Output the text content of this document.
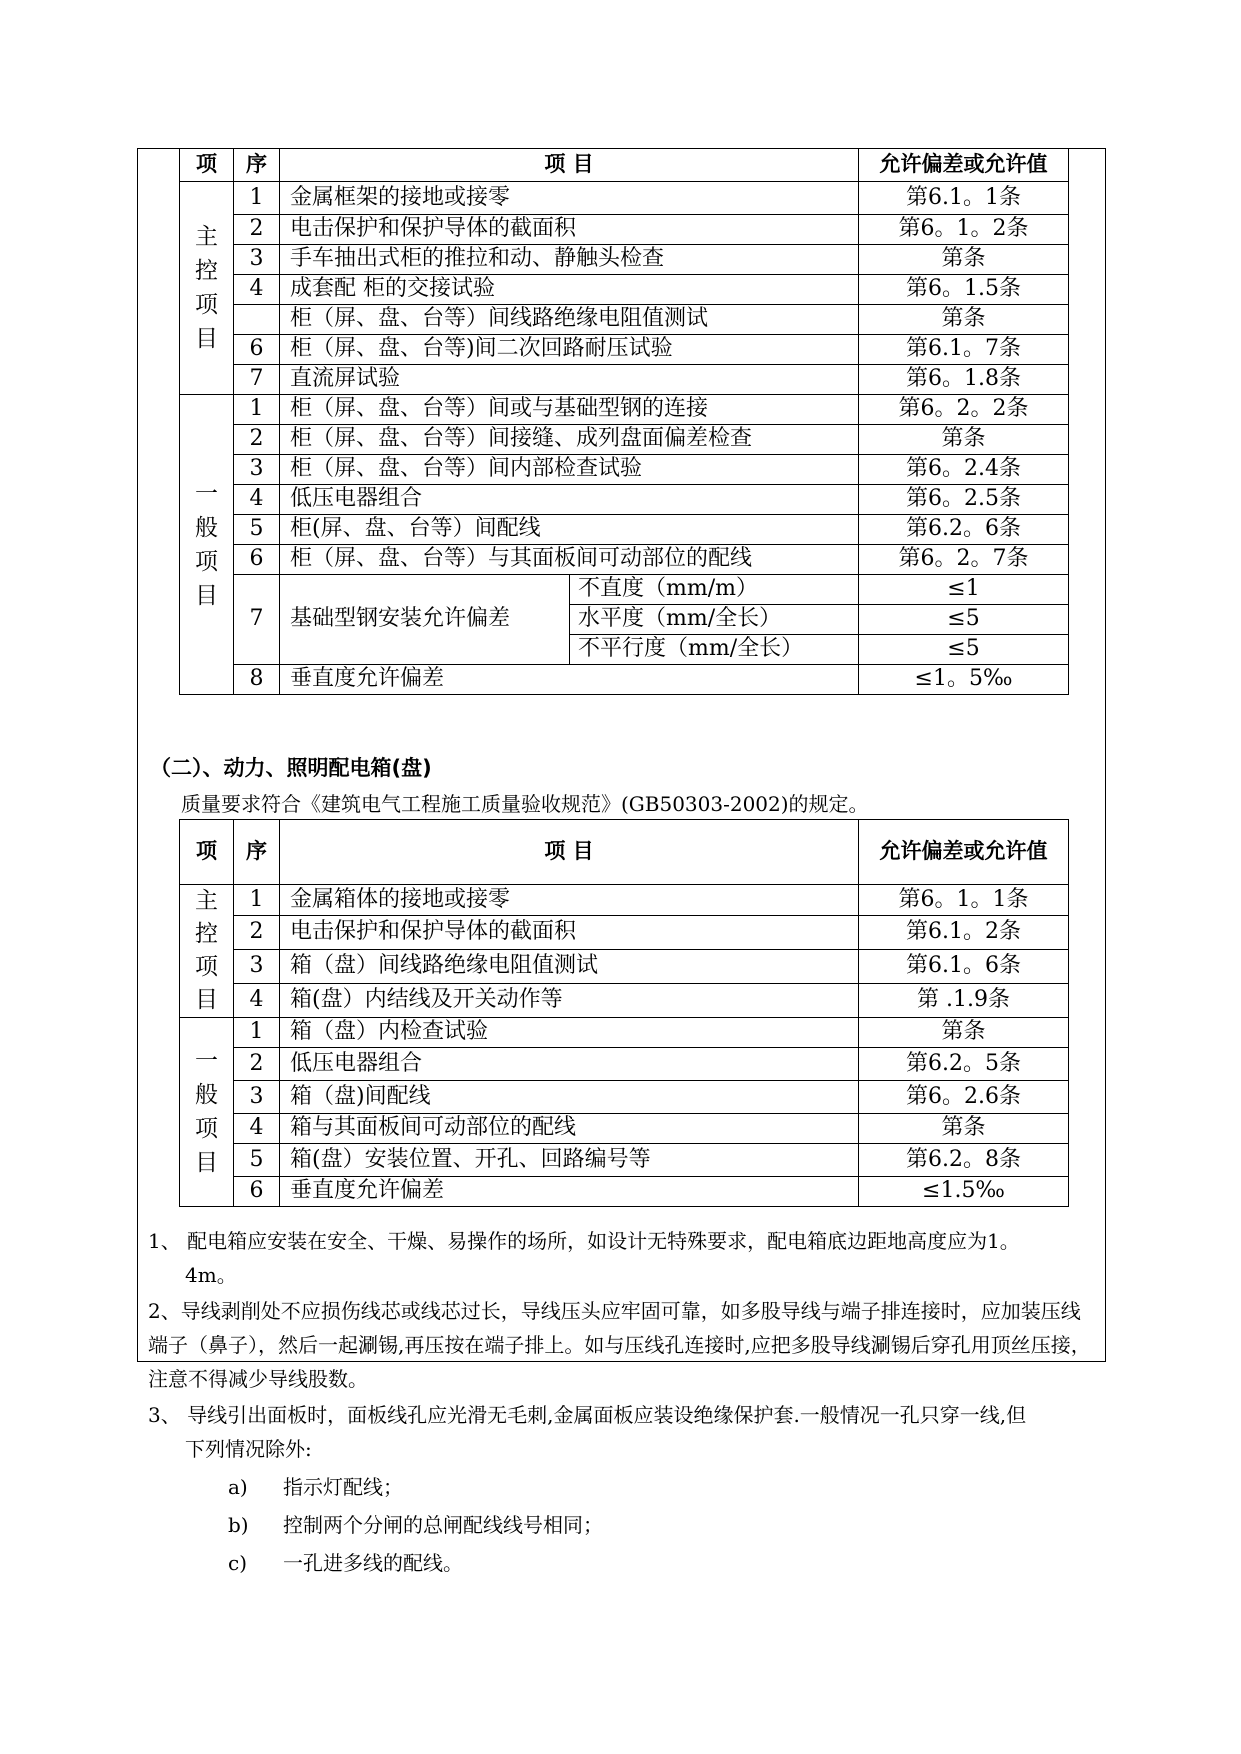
项	序	项 目		允许偏差或允许值
主控项目	1	金属框架的接地或接零		第6.1。1条
	2	电击保护和保护导体的截面积		第6。1。2条
	3	手车抽出式柜的推拉和动、静触头检查		第条
	4	成套配 柜的交接试验		第6。1.5条
		柜（屏、盘、台等）间线路绝缘电阻值测试		第条
	6	柜（屏、盘、台等)间二次回路耐压试验		第6.1。7条
	7	直流屏试验		第6。1.8条
一般项目	1	柜（屏、盘、台等）间或与基础型钢的连接		第6。2。2条
	2	柜（屏、盘、台等）间接缝、成列盘面偏差检查		第条
	3	柜（屏、盘、台等）间内部检查试验		第6。2.4条
	4	低压电器组合		第6。2.5条
	5	柜(屏、盘、台等）间配线		第6.2。6条
	6	柜（屏、盘、台等）与其面板间可动部位的配线		第6。2。7条
	7	基础型钢安装允许偏差	不直度（mm/m）	≤1
			水平度（mm/全长）	≤5
			不平行度（mm/全长）	≤5
	8	垂直度允许偏差		≤1。5‰
（二）、动力、照明配电箱(盘)
质量要求符合《建筑电气工程施工质量验收规范》(GB50303-2002)的规定。
项	序	项 目	允许偏差或允许值
主控项目	1	金属箱体的接地或接零	第6。1。1条
	2	电击保护和保护导体的截面积	第6.1。2条
	3	箱（盘）间线路绝缘电阻值测试	第6.1。6条
	4	箱(盘）内结线及开关动作等	第 .1.9条
一般项目	1	箱（盘）内检查试验	第条
	2	低压电器组合	第6.2。5条
	3	箱（盘)间配线	第6。2.6条
	4	箱与其面板间可动部位的配线	第条
	5	箱(盘）安装位置、开孔、回路编号等	第6.2。8条
	6	垂直度允许偏差	≤1.5‰
1、 配电箱应安装在安全、干燥、易操作的场所，如设计无特殊要求，配电箱底边距地高度应为1。
4m。
2、导线剥削处不应损伤线芯或线芯过长，导线压头应牢固可靠，如多股导线与端子排连接时，应加装压线端子（鼻子），然后一起涮锡,再压按在端子排上。如与压线孔连接时,应把多股导线涮锡后穿孔用顶丝压接，注意不得减少导线股数。
3、 导线引出面板时，面板线孔应光滑无毛刺,金属面板应装设绝缘保护套.一般情况一孔只穿一线,但
下列情况除外:
a) 指示灯配线；
b) 控制两个分闸的总闸配线线号相同；
c) 一孔进多线的配线。
